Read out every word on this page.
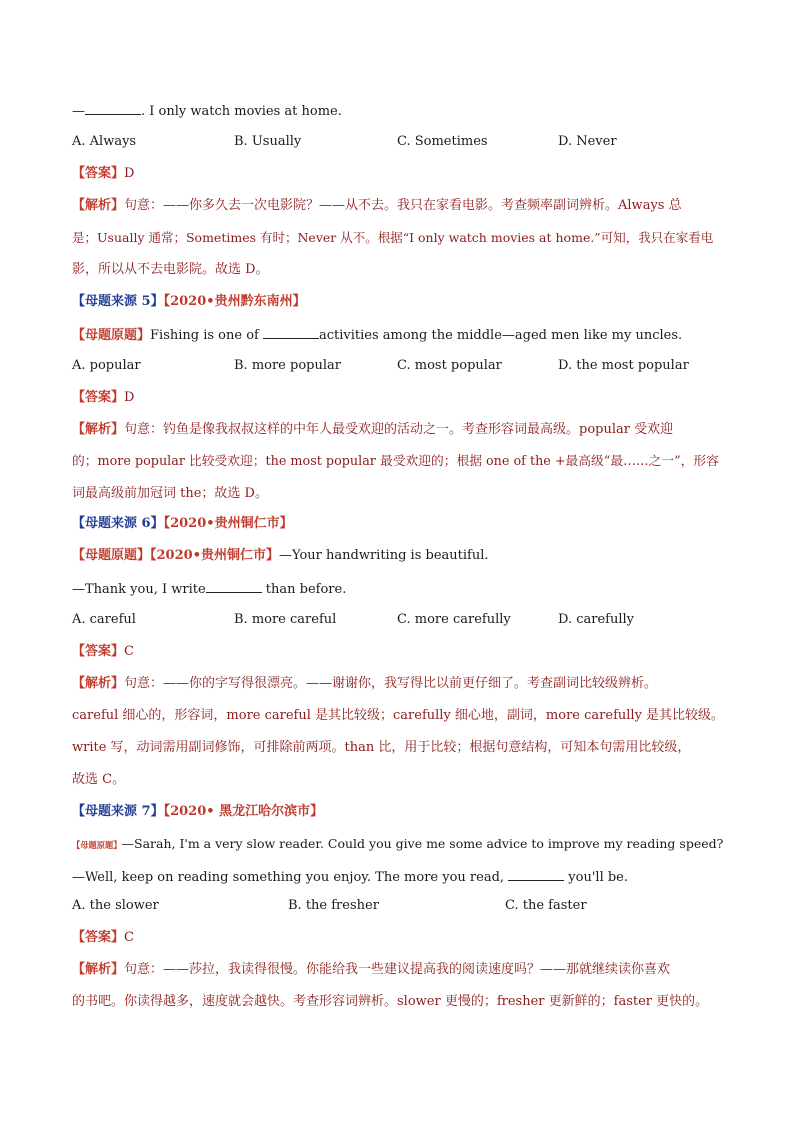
—	. I only watch movies at home.
A. Always	B. Usually	C. Sometimes	D. Never
【答案】D
【解析】句意：——你多久去一次电影院？——从不去。我只在家看电影。考查频率副词辨析。Always 总
是；Usually 通常；Sometimes 有时；Never 从不。根据“I only watch movies at home.”可知，我只在家看电
影，所以从不去电影院。故选 D。
【母题来源 5】【2020•贵州黔东南州】
【母题原题】Fishing is one of	activities among the middle—aged men like my uncles.
A. popular	B. more popular	C. most popular	D. the most popular
【答案】D
【解析】句意：钓鱼是像我叔叔这样的中年人最受欢迎的活动之一。考查形容词最高级。popular 受欢迎
的；more popular 比较受欢迎；the most popular 最受欢迎的；根据 one of the +最高级“最……之一”，形容
词最高级前加冠词 the；故选 D。
【母题来源 6】【2020•贵州铜仁市】
【母题原题】【2020•贵州铜仁市】—Your handwriting is beautiful.
—Thank you, I write	than before.
A. careful	B. more careful	C. more carefully	D. carefully
【答案】C
【解析】句意：——你的字写得很漂亮。——谢谢你，我写得比以前更仔细了。考查副词比较级辨析。
careful 细心的，形容词，more careful 是其比较级；carefully 细心地，副词，more carefully 是其比较级。
write 写，动词需用副词修饰，可排除前两项。than 比，用于比较；根据句意结构，可知本句需用比较级，
故选 C。
【母题来源 7】【2020• 黑龙江哈尔滨市】
【母题原题】—Sarah, I'm a very slow reader. Could you give me some advice to improve my reading speed?
—Well, keep on reading something you enjoy. The more you read,	you'll be.
A. the slower	B. the fresher	C. the faster
【答案】C
【解析】句意：——莎拉，我读得很慢。你能给我一些建议提高我的阅读速度吗？——那就继续读你喜欢
的书吧。你读得越多，速度就会越快。考查形容词辨析。slower 更慢的；fresher 更新鲜的；faster 更快的。
